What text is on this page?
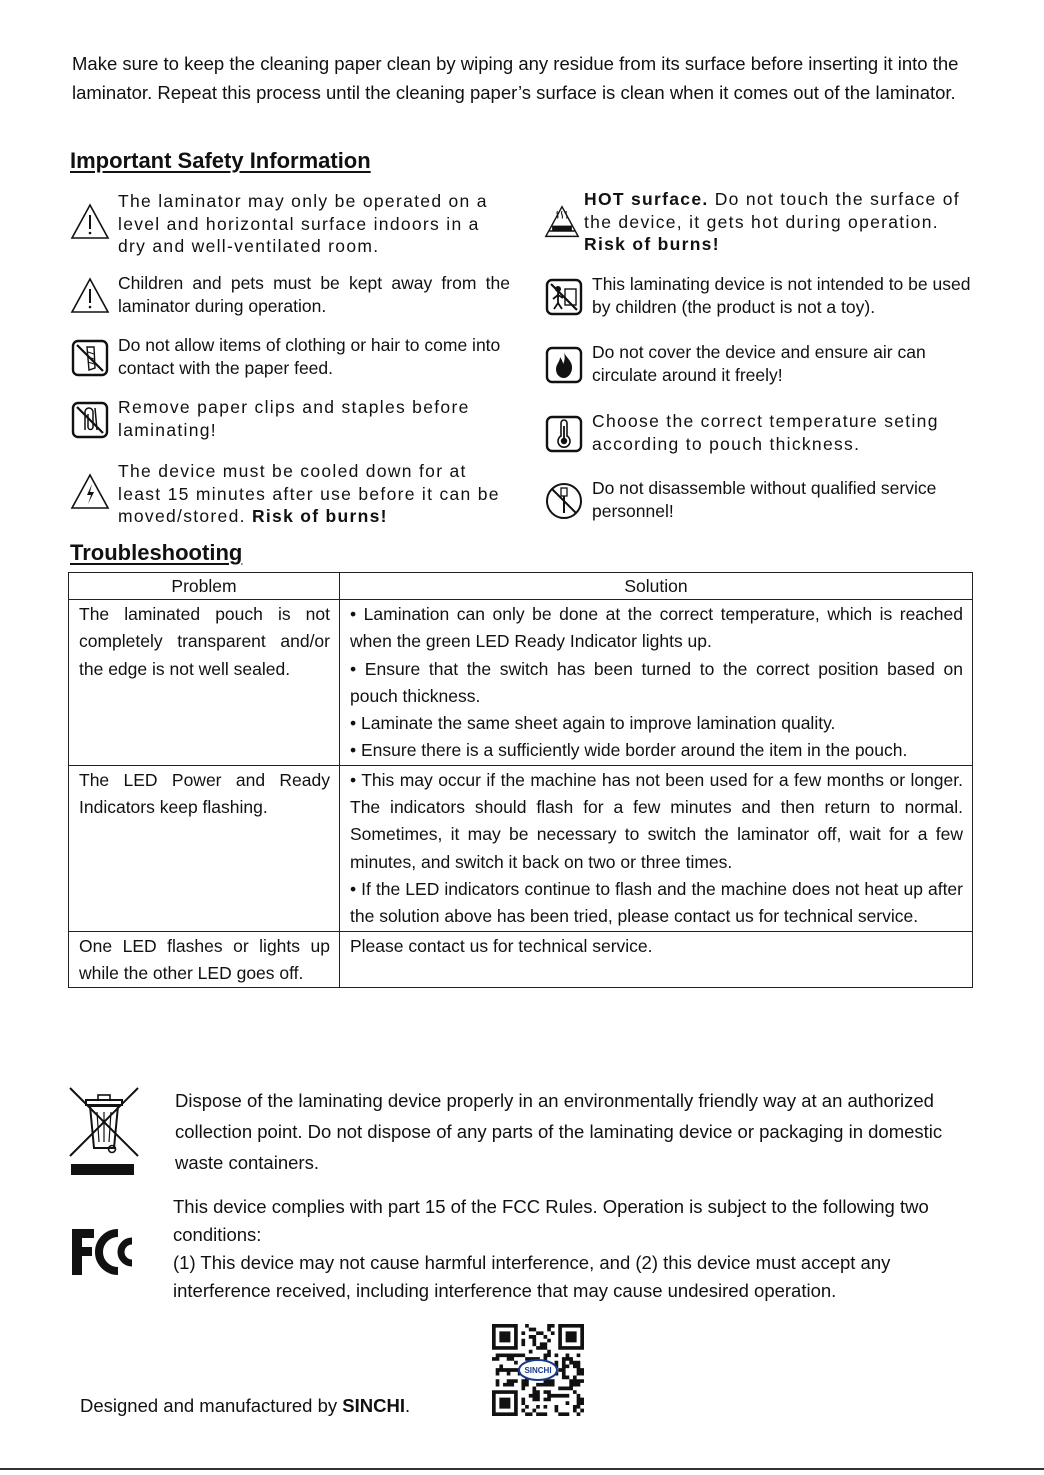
Make sure to keep the cleaning paper clean by wiping any residue from its surface before inserting it into the laminator. Repeat this process until the cleaning paper’s surface is clean when it comes out of the laminator.
Important Safety Information
The laminator may only be operated on a level and horizontal surface indoors in a dry and well-ventilated room.
Children and pets must be kept away from the laminator during operation.
Do not allow items of clothing or hair to come into contact with the paper feed.
Remove paper clips and staples before laminating!
The device must be cooled down for at least 15 minutes after use before it can be moved/stored. Risk of burns!
HOT surface. Do not touch the surface of the device, it gets hot during operation.
Risk of burns!
This laminating device is not intended to be used by children (the product is not a toy).
Do not cover the device and ensure air can circulate around it freely!
Choose the correct temperature seting according to pouch thickness.
Do not disassemble without qualified service personnel!
Troubleshooting
Problem	Solution
The laminated pouch is not completely transparent and/or the edge is not well sealed.	• Lamination can only be done at the correct temperature, which is reached when the green LED Ready Indicator lights up.
• Ensure that the switch has been turned to the correct position based on pouch thickness.
• Laminate the same sheet again to improve lamination quality.
• Ensure there is a sufficiently wide border around the item in the pouch.

The LED Power and Ready Indicators keep flashing.	• This may occur if the machine has not been used for a few months or longer. The indicators should flash for a few minutes and then return to normal. Sometimes, it may be necessary to switch the laminator off, wait for a few minutes, and switch it back on two or three times.
• If the LED indicators continue to flash and the machine does not heat up after the solution above has been tried, please contact us for technical service.

One LED flashes or lights up while the other LED goes off.	Please contact us for technical service.
Dispose of the laminating device properly in an environmentally friendly way at an authorized collection point. Do not dispose of any parts of the laminating device or packaging in domestic waste containers.
This device complies with part 15 of the FCC Rules. Operation is subject to the following two conditions:
(1) This device may not cause harmful interference, and (2) this device must accept any interference received, including interference that may cause undesired operation.
SINCHI
Designed and manufactured by SINCHI.
